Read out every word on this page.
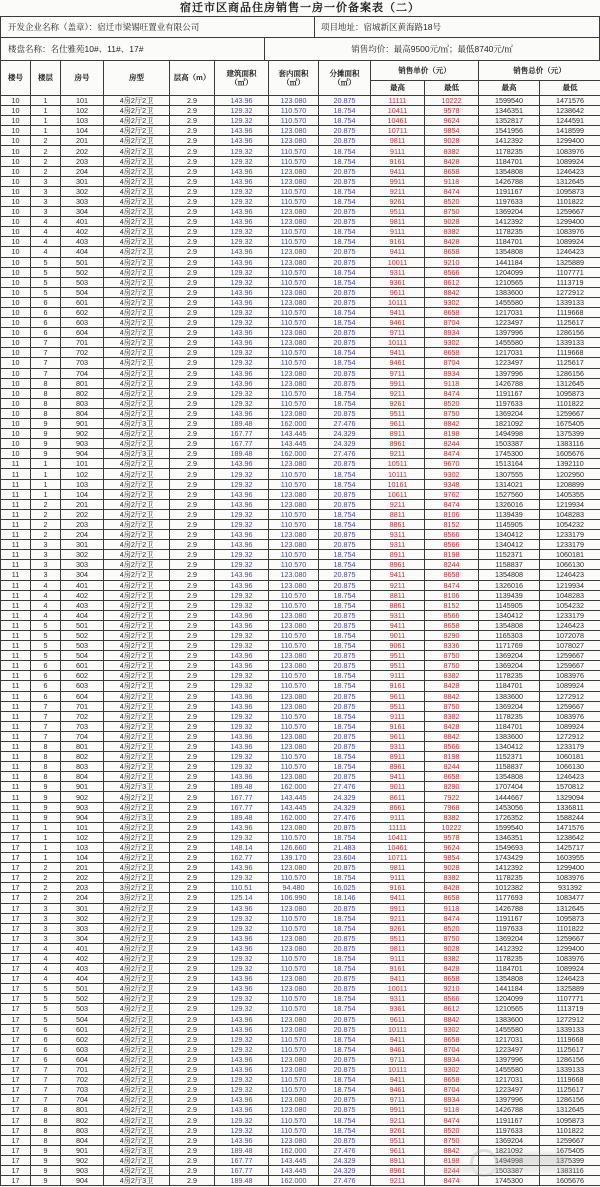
宿迁市区商品住房销售一房一价备案表（二）
开发企业名称（盖章）：宿迁市梁锡旺置业有限公司	项目地址：宿城新区黄海路18号
楼盘名称：名仕雅苑10#、11#、17#	销售均价：最高9500元/㎡；最低8740元/㎡
楼号	楼层	房号	房型	层高（m）	建筑面积
（㎡）	套内面积
（㎡）	分摊面积
（㎡）	销售单价（元）		销售总价（元）	
								最高	最低	最高	最低
10	1	101	4房2厅2卫	2.9	143.96	123.080	20.875	11111	10222	1599540	1471576
10	1	102	4房2厅2卫	2.9	129.32	110.570	18.754	10411	9578	1346351	1238642
10	1	103	4房2厅2卫	2.9	129.32	110.570	18.754	10461	9624	1352817	1244591
10	1	104	4房2厅2卫	2.9	143.96	123.080	20.875	10711	9854	1541956	1418599
10	2	201	4房2厅2卫	2.9	143.96	123.080	20.875	9811	9028	1412392	1299400
10	2	202	4房2厅2卫	2.9	129.32	110.570	18.754	9111	8382	1178235	1083976
10	2	203	4房2厅2卫	2.9	129.32	110.570	18.754	9161	8428	1184701	1089924
10	2	204	4房2厅2卫	2.9	143.96	123.080	20.875	9411	8658	1354808	1246423
10	3	301	4房2厅2卫	2.9	143.96	123.080	20.875	9911	9118	1426788	1312645
10	3	302	4房2厅2卫	2.9	129.32	110.570	18.754	9211	8474	1191167	1095873
10	3	303	4房2厅2卫	2.9	129.32	110.570	18.754	9261	8520	1197633	1101822
10	3	304	4房2厅2卫	2.9	143.96	123.080	20.875	9511	8750	1369204	1259667
10	4	401	4房2厅2卫	2.9	143.96	123.080	20.875	9811	9028	1412392	1299400
10	4	402	4房2厅2卫	2.9	129.32	110.570	18.754	9111	8382	1178235	1083976
10	4	403	4房2厅2卫	2.9	129.32	110.570	18.754	9161	8428	1184701	1089924
10	4	404	4房2厅2卫	2.9	143.96	123.080	20.875	9411	8658	1354808	1246423
10	5	501	4房2厅2卫	2.9	143.96	123.080	20.875	10011	9210	1441184	1325889
10	5	502	4房2厅2卫	2.9	129.32	110.570	18.754	9311	8566	1204099	1107771
10	5	503	4房2厅2卫	2.9	129.32	110.570	18.754	9361	8612	1210565	1113719
10	5	504	4房2厅2卫	2.9	143.96	123.080	20.875	9611	8842	1383600	1272912
10	6	601	4房2厅2卫	2.9	143.96	123.080	20.875	10111	9302	1455580	1339133
10	6	602	4房2厅2卫	2.9	129.32	110.570	18.754	9411	8658	1217031	1119668
10	6	603	4房2厅2卫	2.9	129.32	110.570	18.754	9461	8704	1223497	1125617
10	6	604	4房2厅2卫	2.9	143.96	123.080	20.875	9711	8934	1397996	1286156
10	7	701	4房2厅2卫	2.9	143.96	123.080	20.875	10111	9302	1455580	1339133
10	7	702	4房2厅2卫	2.9	129.32	110.570	18.754	9411	8658	1217031	1119668
10	7	703	4房2厅2卫	2.9	129.32	110.570	18.754	9461	8704	1223497	1125617
10	7	704	4房2厅2卫	2.9	143.96	123.080	20.875	9711	8934	1397996	1286156
10	8	801	4房2厅2卫	2.9	143.96	123.080	20.875	9911	9118	1426788	1312645
10	8	802	4房2厅2卫	2.9	129.32	110.570	18.754	9211	8474	1191167	1095873
10	8	803	4房2厅2卫	2.9	129.32	110.570	18.754	9261	8520	1197633	1101822
10	8	804	4房2厅2卫	2.9	143.96	123.080	20.875	9511	8750	1369204	1259667
10	9	901	4房2厅3卫	2.9	189.48	162.000	27.476	9611	8842	1821092	1675405
10	9	902	4房2厅2卫	2.9	167.77	143.445	24.329	8911	8198	1494998	1375399
10	9	903	4房2厅2卫	2.9	167.77	143.445	24.329	8961	8244	1503387	1383116
10	9	904	4房2厅3卫	2.9	189.48	162.000	27.476	9211	8474	1745300	1605676
11	1	101	4房2厅2卫	2.9	143.96	123.080	20.875	10511	9670	1513164	1392110
11	1	102	4房2厅2卫	2.9	129.32	110.570	18.754	10111	9302	1307555	1202950
11	1	103	4房2厅2卫	2.9	129.32	110.570	18.754	10161	9348	1314021	1208899
11	1	104	4房2厅2卫	2.9	143.96	123.080	20.875	10611	9762	1527560	1405355
11	2	201	4房2厅2卫	2.9	143.96	123.080	20.875	9211	8474	1326016	1219934
11	2	202	4房2厅2卫	2.9	129.32	110.570	18.754	8811	8106	1139439	1048283
11	2	203	4房2厅2卫	2.9	129.32	110.570	18.754	8861	8152	1145905	1054232
11	2	204	4房2厅2卫	2.9	143.96	123.080	20.875	9311	8566	1340412	1233179
11	3	301	4房2厅2卫	2.9	143.96	123.080	20.875	9311	8566	1340412	1233179
11	3	302	4房2厅2卫	2.9	129.32	110.570	18.754	8911	8198	1152371	1060181
11	3	303	4房2厅2卫	2.9	129.32	110.570	18.754	8961	8244	1158837	1066130
11	3	304	4房2厅2卫	2.9	143.96	123.080	20.875	9411	8658	1354808	1246423
11	4	401	4房2厅2卫	2.9	143.96	123.080	20.875	9211	8474	1326016	1219934
11	4	402	4房2厅2卫	2.9	129.32	110.570	18.754	8811	8106	1139439	1048283
11	4	403	4房2厅2卫	2.9	129.32	110.570	18.754	8861	8152	1145905	1054232
11	4	404	4房2厅2卫	2.9	143.96	123.080	20.875	9311	8566	1340412	1233179
11	5	501	4房2厅2卫	2.9	143.96	123.080	20.875	9411	8658	1354808	1246423
11	5	502	4房2厅2卫	2.9	129.32	110.570	18.754	9011	8290	1165303	1072078
11	5	503	4房2厅2卫	2.9	129.32	110.570	18.754	9061	8336	1171769	1078027
11	5	504	4房2厅2卫	2.9	143.96	123.080	20.875	9511	8750	1369204	1259667
11	6	601	4房2厅2卫	2.9	143.96	123.080	20.875	9511	8750	1369204	1259667
11	6	602	4房2厅2卫	2.9	129.32	110.570	18.754	9111	8382	1178235	1083976
11	6	603	4房2厅2卫	2.9	129.32	110.570	18.754	9161	8428	1184701	1089924
11	6	604	4房2厅2卫	2.9	143.96	123.080	20.875	9611	8842	1383600	1272912
11	7	701	4房2厅2卫	2.9	143.96	123.080	20.875	9511	8750	1369204	1259667
11	7	702	4房2厅2卫	2.9	129.32	110.570	18.754	9111	8382	1178235	1083976
11	7	703	4房2厅2卫	2.9	129.32	110.570	18.754	9161	8428	1184701	1089924
11	7	704	4房2厅2卫	2.9	143.96	123.080	20.875	9611	8842	1383600	1272912
11	8	801	4房2厅2卫	2.9	143.96	123.080	20.875	9311	8566	1340412	1233179
11	8	802	4房2厅2卫	2.9	129.32	110.570	18.754	8911	8198	1152371	1060181
11	8	803	4房2厅2卫	2.9	129.32	110.570	18.754	8961	8244	1158837	1066130
11	8	804	4房2厅2卫	2.9	143.96	123.080	20.875	9411	8658	1354808	1246423
11	9	901	4房2厅3卫	2.9	189.48	162.000	27.476	9011	8290	1707404	1570812
11	9	902	4房2厅2卫	2.9	167.77	143.445	24.329	8611	7922	1444667	1329094
11	9	903	4房2厅2卫	2.9	167.77	143.445	24.329	8661	7968	1453056	1336811
11	9	904	4房2厅3卫	2.9	189.48	162.000	27.476	9111	8382	1726352	1588244
17	1	101	4房2厅2卫	2.9	143.96	123.080	20.875	11111	10222	1599540	1471576
17	1	102	4房2厅2卫	2.9	129.32	110.570	18.754	10411	9578	1346351	1238642
17	1	103	4房2厅2卫	2.9	148.14	126.660	21.483	10461	9624	1549693	1425717
17	1	104	4房2厅2卫	2.9	162.77	139.170	23.604	10711	9854	1743429	1603955
17	2	201	4房2厅2卫	2.9	143.96	123.080	20.875	9811	9028	1412392	1299400
17	2	202	4房2厅2卫	2.9	129.32	110.570	18.754	9111	8382	1178235	1083976
17	2	203	3房2厅2卫	2.9	110.51	94.480	16.025	9161	8428	1012382	931392
17	2	204	3房2厅2卫	2.9	125.14	106.990	18.146	9411	8658	1177693	1083477
17	3	301	4房2厅2卫	2.9	143.96	123.080	20.875	9911	9118	1426788	1312645
17	3	302	4房2厅2卫	2.9	129.32	110.570	18.754	9211	8474	1191167	1095873
17	3	303	4房2厅2卫	2.9	129.32	110.570	18.754	9261	8520	1197633	1101822
17	3	304	4房2厅2卫	2.9	143.96	123.080	20.875	9511	8750	1369204	1259667
17	4	401	4房2厅2卫	2.9	143.96	123.080	20.875	9811	9028	1412392	1299400
17	4	402	4房2厅2卫	2.9	129.32	110.570	18.754	9111	8382	1178235	1083976
17	4	403	4房2厅2卫	2.9	129.32	110.570	18.754	9161	8428	1184701	1089924
17	4	404	4房2厅2卫	2.9	143.96	123.080	20.875	9411	8658	1354808	1246423
17	5	501	4房2厅2卫	2.9	143.96	123.080	20.875	10011	9210	1441184	1325889
17	5	502	4房2厅2卫	2.9	129.32	110.570	18.754	9311	8566	1204099	1107771
17	5	503	4房2厅2卫	2.9	129.32	110.570	18.754	9361	8612	1210565	1113719
17	5	504	4房2厅2卫	2.9	143.96	123.080	20.875	9611	8842	1383600	1272912
17	6	601	4房2厅2卫	2.9	143.96	123.080	20.875	10111	9302	1455580	1339133
17	6	602	4房2厅2卫	2.9	129.32	110.570	18.754	9411	8658	1217031	1119668
17	6	603	4房2厅2卫	2.9	129.32	110.570	18.754	9461	8704	1223497	1125617
17	6	604	4房2厅2卫	2.9	143.96	123.080	20.875	9711	8934	1397996	1286156
17	7	701	4房2厅2卫	2.9	143.96	123.080	20.875	10111	9302	1455580	1339133
17	7	702	4房2厅2卫	2.9	129.32	110.570	18.754	9411	8658	1217031	1119668
17	7	703	4房2厅2卫	2.9	129.32	110.570	18.754	9461	8704	1223497	1125617
17	7	704	4房2厅2卫	2.9	143.96	123.080	20.875	9711	8934	1397996	1286156
17	8	801	4房2厅2卫	2.9	143.96	123.080	20.875	9911	9118	1426788	1312645
17	8	802	4房2厅2卫	2.9	129.32	110.570	18.754	9211	8474	1191167	1095873
17	8	803	4房2厅2卫	2.9	129.32	110.570	18.754	9261	8520	1197633	1101822
17	8	804	4房2厅2卫	2.9	143.96	123.080	20.875	9511	8750	1369204	1259667
17	9	901	4房2厅3卫	2.9	189.48	162.000	27.476	9611	8842	1821092	1675405
17	9	902	4房2厅2卫	2.9	167.77	143.445	24.329	8911	8198	1494998	1375399
17	9	903	4房2厅2卫	2.9	167.77	143.445	24.329	8961	8244	1503387	1383116
17	9	904	4房2厅3卫	2.9	189.48	162.000	27.476	9211	8474	1745300	1605676
